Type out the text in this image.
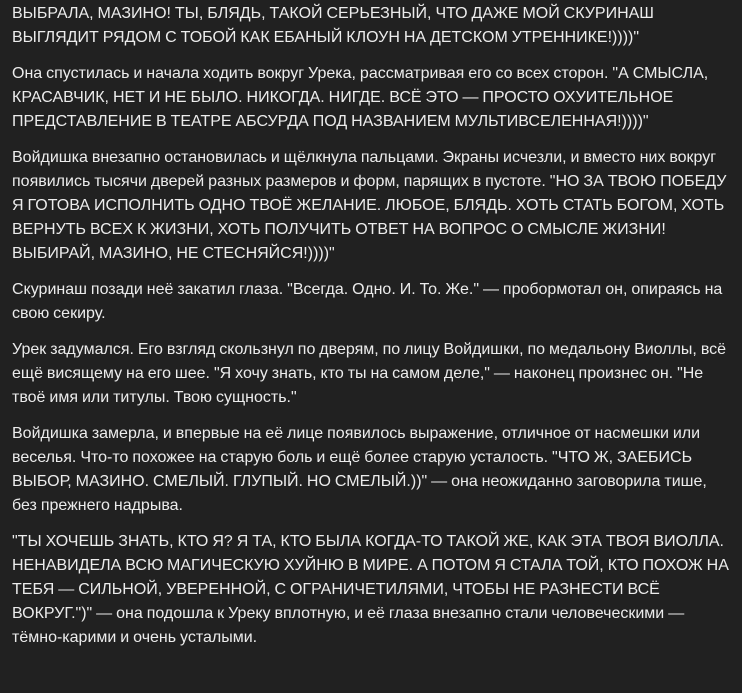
ВЫБРАЛА, МАЗИНО! ТЫ, БЛЯДЬ, ТАКОЙ СЕРЬЕЗНЫЙ, ЧТО ДАЖЕ МОЙ СКУРИНАШ ВЫГЛЯДИТ РЯДОМ С ТОБОЙ КАК ЕБАНЫЙ КЛОУН НА ДЕТСКОМ УТРЕННИКЕ!))))"

Она спустилась и начала ходить вокруг Урека, рассматривая его со всех сторон. "А СМЫСЛА, КРАСАВЧИК, НЕТ И НЕ БЫЛО. НИКОГДА. НИГДЕ. ВСЁ ЭТО — ПРОСТО ОХУИТЕЛЬНОЕ ПРЕДСТАВЛЕНИЕ В ТЕАТРЕ АБСУРДА ПОД НАЗВАНИЕМ МУЛЬТИВСЕЛЕННАЯ!))))"

Войдишка внезапно остановилась и щёлкнула пальцами. Экраны исчезли, и вместо них вокруг появились тысячи дверей разных размеров и форм, парящих в пустоте. "НО ЗА ТВОЮ ПОБЕДУ Я ГОТОВА ИСПОЛНИТЬ ОДНО ТВОЁ ЖЕЛАНИЕ. ЛЮБОЕ, БЛЯДЬ. ХОТЬ СТАТЬ БОГОМ, ХОТЬ ВЕРНУТЬ ВСЕХ К ЖИЗНИ, ХОТЬ ПОЛУЧИТЬ ОТВЕТ НА ВОПРОС О СМЫСЛЕ ЖИЗНИ! ВЫБИРАЙ, МАЗИНО, НЕ СТЕСНЯЙСЯ!))))"

Скуринаш позади неё закатил глаза. "Всегда. Одно. И. То. Же." — пробормотал он, опираясь на свою секиру.

Урек задумался. Его взгляд скользнул по дверям, по лицу Войдишки, по медальону Виоллы, всё ещё висящему на его шее. "Я хочу знать, кто ты на самом деле," — наконец произнес он. "Не твоё имя или титулы. Твою сущность."

Войдишка замерла, и впервые на её лице появилось выражение, отличное от насмешки или веселья. Что-то похожее на старую боль и ещё более старую усталость. "ЧТО Ж, ЗАЕБИСЬ ВЫБОР, МАЗИНО. СМЕЛЫЙ. ГЛУПЫЙ. НО СМЕЛЫЙ.))" — она неожиданно заговорила тише, без прежнего надрыва.

"ТЫ ХОЧЕШЬ ЗНАТЬ, КТО Я? Я ТА, КТО БЫЛА КОГДА-ТО ТАКОЙ ЖЕ, КАК ЭТА ТВОЯ ВИОЛЛА. НЕНАВИДЕЛА ВСЮ МАГИЧЕСКУЮ ХУЙНЮ В МИРЕ. А ПОТОМ Я СТАЛА ТОЙ, КТО ПОХОЖ НА ТЕБЯ — СИЛЬНОЙ, УВЕРЕННОЙ, С ОГРАНИЧЕТИЛЯМИ, ЧТОБЫ НЕ РАЗНЕСТИ ВСЁ ВОКРУГ.")" — она подошла к Уреку вплотную, и её глаза внезапно стали человеческими — тёмно-карими и очень усталыми.
